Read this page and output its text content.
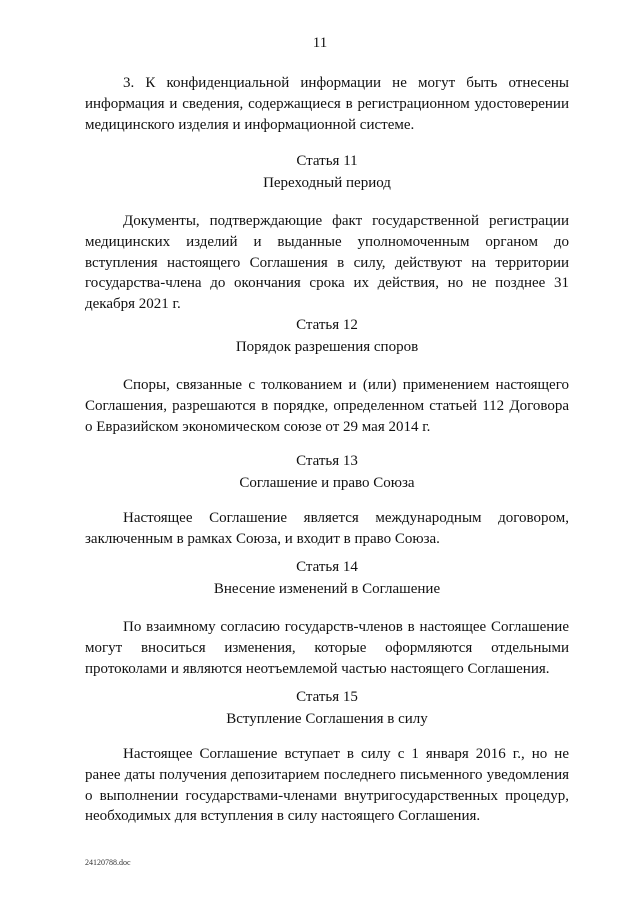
11

3. К конфиденциальной информации не могут быть отнесены информация и сведения, содержащиеся в регистрационном удостоверении медицинского изделия и информационной системе.

Статья 11
Переходный период

Документы, подтверждающие факт государственной регистрации медицинских изделий и выданные уполномоченным органом до вступления настоящего Соглашения в силу, действуют на территории государства-члена до окончания срока их действия, но не позднее 31 декабря 2021 г.

Статья 12
Порядок разрешения споров

Споры, связанные с толкованием и (или) применением настоящего Соглашения, разрешаются в порядке, определенном статьей 112 Договора о Евразийском экономическом союзе от 29 мая 2014 г.

Статья 13
Соглашение и право Союза

Настоящее Соглашение является международным договором, заключенным в рамках Союза, и входит в право Союза.

Статья 14
Внесение изменений в Соглашение

По взаимному согласию государств-членов в настоящее Соглашение могут вноситься изменения, которые оформляются отдельными протоколами и являются неотъемлемой частью настоящего Соглашения.

Статья 15
Вступление Соглашения в силу

Настоящее Соглашение вступает в силу с 1 января 2016 г., но не ранее даты получения депозитарием последнего письменного уведомления о выполнении государствами-членами внутригосударственных процедур, необходимых для вступления в силу настоящего Соглашения.

24120788.doc
